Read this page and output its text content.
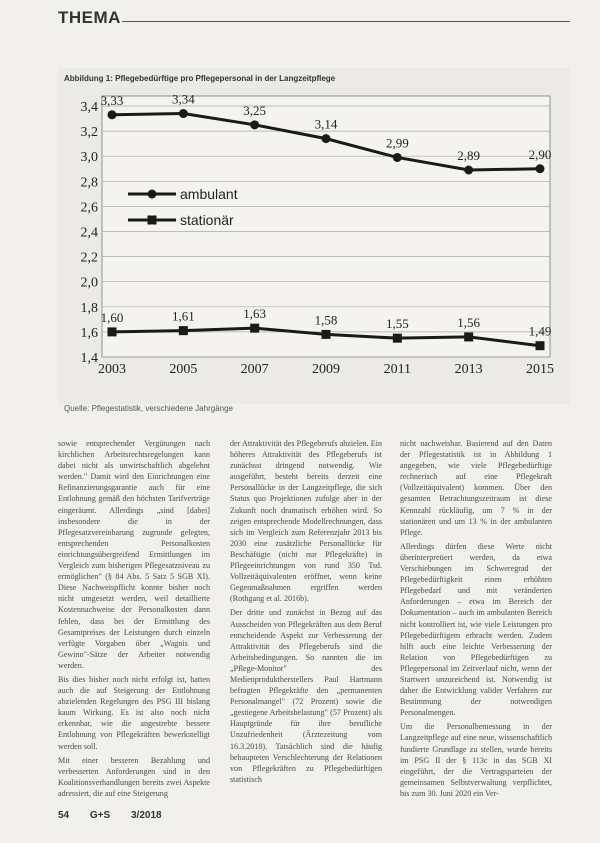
THEMA
Abbildung 1: Pflegebedürftige pro Pflegepersonal in der Langzeitpflege
1,4
1,6
1,8
2,0
2,2
2,4
2,6
2,8
3,0
3,2
3,4
2003	2005	2007	2009	2011	2013	2015
3,33	3,34
3,25
3,14
2,99
2,89	2,90
1,60	1,61	1,63	1,58	1,55	1,56
1,49
ambulant
stationär
Quelle: Pflegestatistik, verschiedene Jahrgänge

sowie entsprechender Vergütungen nach kirchlichen Arbeitsrechtsregelungen kann dabei nicht als unwirtschaftlich abgelehnt werden." Damit wird den Einrichtungen eine Refinanzierungsgarantie auch für eine Entlohnung gemäß den höchsten Tarifverträge eingeräumt. Allerdings „sind [dabei] insbesondere die in der Pflegesatzvereinbarung zugrunde gelegten, entsprechenden Personalkosten einrichtungsübergreifend Ermittlungen im Vergleich zum bisherigen Pflegesatzniveau zu ermöglichen" (§ 84 Abs. 5 Satz 5 SGB XI). Diese Nachweispflicht konnte bisher noch nicht umgesetzt werden, weil detaillierte Kostennachweise der Personalkosten dann fehlen, dass bei der Ermittlung des Gesamtpreises der Leistungen durch einzeln verfügte Vorgaben über „Wagnis und Gewinn"-Sätze der Arbeiter notwendig werden.

Bis dies bisher noch nicht erfolgt ist, hatten auch die auf Steigerung der Entlohnung abzielenden Regelungen des PSG III bislang kaum Wirkung. Es ist also noch nicht erkennbar, wie die angestrebte bessere Entlohnung von Pflegekräften bewerkstelligt werden soll.

Mit einer besseren Bezahlung und verbesserten Anforderungen sind in den Koalitionsverhandlungen bereits zwei Aspekte adressiert, die auf eine Steigerung

der Attraktivität des Pflegeberufs abzielen. Ein höheres Attraktivität des Pflegeberufs ist zunächsst dringend notwendig. Wie ausgeführt, besteht bereits derzeit eine Personallücke in der Langzeitpflege, die sich Status quo Projektionen zufolge aber in der Zukunft noch dramatisch erhöhen wird. So zeigen entsprechende Modellrechnungen, dass sich im Vergleich zum Referenzjahr 2013 bis 2030 eine zusätzliche Personallücke für Beschäftigte (nicht nur Pflegekräfte) in Pflegeeinrichtungen von rund 350 Tsd. Vollzeitäquivalenten eröffnet, wenn keine Gegenmaßnahmen ergriffen werden (Rothgang et al. 2016b).

Der dritte und zunächst in Bezug auf das Ausscheiden von Pflegekräften aus dem Beruf entscheidende Aspekt zur Verbesserung der Attraktivität des Pflegeberufs sind die Arbeitsbedingungen. So nannten die im „Pflege-Monitor" des Medienproduktherstellers Paul Hartmann befragten Pflegekräfte den „permanenten Personalmangel" (72 Prozent) sowie die „gestiegene Arbeitsbelastung" (57 Prozent) als Hauptgründe für ihre berufliche Unzufriedenheit (Ärztezeitung vom 16.3.2018). Tatsächlich sind die häufig behaupteten Verschlechterung der Relationen von Pflegekräften zu Pflegebedürftigen statistisch

nicht nachweisbar. Basierend auf den Daten der Pflegestatistik ist in Abbildung 1 angegeben, wie viele Pflegebedürftige rechnerisch auf eine Pflegekraft (Vollzeitäquivalent) kommen. Über den gesamten Betrachtungszeitraum ist diese Kennzahl rückläufig, um 7 % in der stationären und um 13 % in der ambulanten Pflege.

Allerdings dürfen diese Werte nicht überinterpretiert werden, da etwa Verschiebungen im Schweregrad der Pflegebedürftigkeit einen erhöhten Pflegebedarf und mit veränderten Anforderungen – etwa im Bereich der Dokumentation – auch im ambulanten Bereich nicht kontrolliert ist, wie viele Leistungen pro Pflegebedürftigem erbracht werden. Zudem hilft auch eine leichte Verbesserung der Relation von Pflegebedürftigen zu Pflegepersonal im Zeitverlauf nicht, wenn der Startwert unzureichend ist. Notwendig ist daher die Entwicklung valider Verfahren zur Bestimmung der notwendigen Personalmengen.

Um die Personalbemessung in der Langzeitpflege auf eine neue, wissenschaftlich fundierte Grundlage zu stellen, wurde bereits im PSG II der § 113c in das SGB XI eingeführt, der die Vertragsparteien der gemeinsamen Selbstverwaltung verpflichtet, bis zum 30. Juni 2020 ein Ver-

54 G+S 3/2018
